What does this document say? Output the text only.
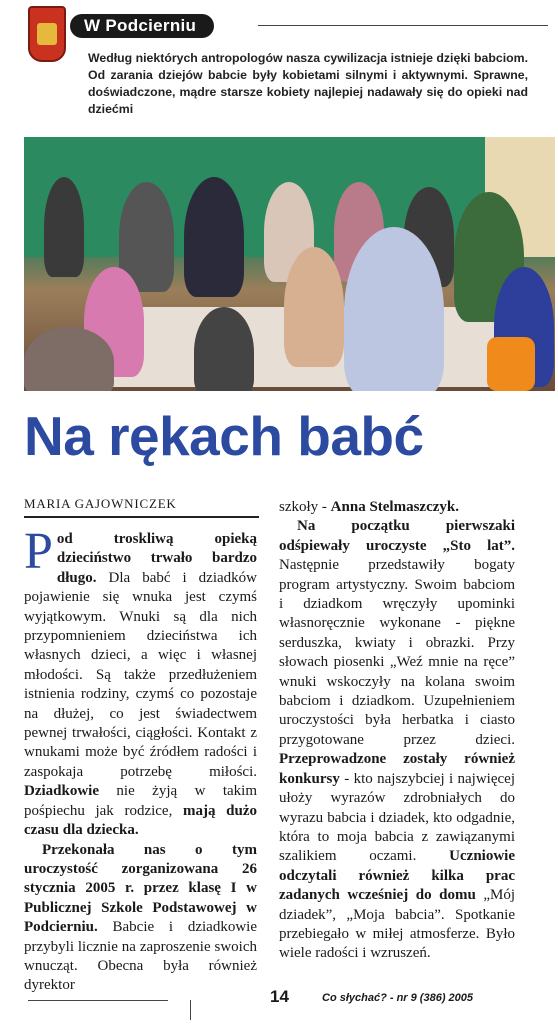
W Podcierniu
Według niektórych antropologów nasza cywilizacja istnieje dzięki babciom. Od zarania dziejów babcie były kobietami silnymi i aktywnymi. Sprawne, doświadczone, mądre starsze kobiety najlepiej nadawały się do opieki nad dziećmi
Na rękach babć
MARIA GAJOWNICZEK

Pod troskliwą opieką dzieciństwo trwało bardzo długo. Dla babć i dziadków pojawienie się wnuka jest czymś wyjątkowym. Wnuki są dla nich przypomnieniem dzieciństwa ich własnych dzieci, a więc i własnej młodości. Są także przedłużeniem istnienia rodziny, czymś co pozostaje na dłużej, co jest świadectwem pewnej trwałości, ciągłości. Kontakt z wnukami może być źródłem radości i zaspokaja potrzebę miłości. Dziadkowie nie żyją w takim pośpiechu jak rodzice, mają dużo czasu dla dziecka.

Przekonała nas o tym uroczystość zorganizowana 26 stycznia 2005 r. przez klasę I w Publicznej Szkole Podstawowej w Podcierniu. Babcie i dziadkowie przybyli licznie na zaproszenie swoich wnucząt. Obecna była również dyrektor

szkoły - Anna Stelmaszczyk.

Na początku pierwszaki odśpiewały uroczyste „Sto lat”. Następnie przedstawiły bogaty program artystyczny. Swoim babciom i dziadkom wręczyły upominki własnoręcznie wykonane - piękne serduszka, kwiaty i obrazki. Przy słowach piosenki „Weź mnie na ręce” wnuki wskoczyły na kolana swoim babciom i dziadkom. Uzupełnieniem uroczystości była herbatka i ciasto przygotowane przez dzieci. Przeprowadzone zostały również konkursy - kto najszybciej i najwięcej ułoży wyrazów zdrobniałych do wyrazu babcia i dziadek, kto odgadnie, która to moja babcia z zawiązanymi szalikiem oczami. Uczniowie odczytali również kilka prac zadanych wcześniej do domu „Mój dziadek”, „Moja babcia”. Spotkanie przebiegało w miłej atmosferze. Było wiele radości i wzruszeń.

14	Co słychać? - nr 9 (386) 2005
